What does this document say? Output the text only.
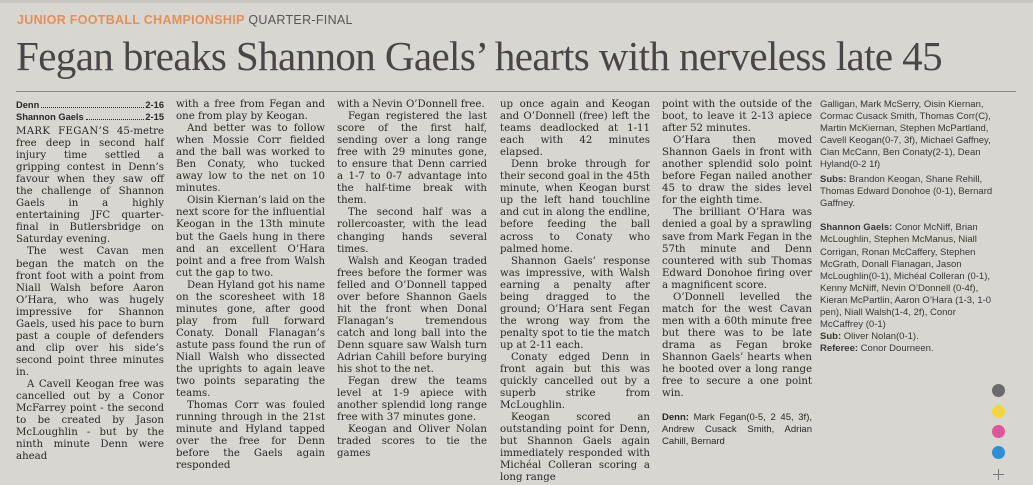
JUNIOR FOOTBALL CHAMPIONSHIP QUARTER-FINAL
Fegan breaks Shannon Gaels’ hearts with nerveless late 45
Denn	2-16
Shannon Gaels	2-15

MARK FEGAN’S 45-metre free deep in second half injury time settled a gripping contest in Denn’s favour when they saw off the challenge of Shannon Gaels in a highly entertaining JFC quarter-final in Butlersbridge on Saturday evening.

The west Cavan men began the match on the front foot with a point from Niall Walsh before Aaron O’Hara, who was hugely impressive for Shannon Gaels, used his pace to burn past a couple of defenders and clip over his side’s second point three minutes in.

A Cavell Keogan free was cancelled out by a Conor McFarrey point - the second to be created by Jason McLoughlin - but by the ninth minute Denn were ahead

with a free from Fegan and one from play by Keogan.

And better was to follow when Mossie Corr fielded and the ball was worked to Ben Conaty, who tucked away low to the net on 10 minutes.

Oisin Kiernan’s laid on the next score for the influential Keogan in the 13th minute but the Gaels hung in there and an excellent O’Hara point and a free from Walsh cut the gap to two.

Dean Hyland got his name on the scoresheet with 18 minutes gone, after good play from full forward Conaty. Donall Flanagan’s astute pass found the run of Niall Walsh who dissected the uprights to again leave two points separating the teams.

Thomas Corr was fouled running through in the 21st minute and Hyland tapped over the free for Denn before the Gaels again responded

with a Nevin O’Donnell free.

Fegan registered the last score of the first half, sending over a long range free with 29 minutes gone, to ensure that Denn carried a 1-7 to 0-7 advantage into the half-time break with them.

The second half was a rollercoaster, with the lead changing hands several times.

Walsh and Keogan traded frees before the former was felled and O’Donnell tapped over before Shannon Gaels hit the front when Donal Flanagan’s tremendous catch and long ball into the Denn square saw Walsh turn Adrian Cahill before burying his shot to the net.

Fegan drew the teams level at 1-9 apiece with another splendid long range free with 37 minutes gone.

Keogan and Oliver Nolan traded scores to tie the games

up once again and Keogan and O’Donnell (free) left the teams deadlocked at 1-11 each with 42 minutes elapsed.

Denn broke through for their second goal in the 45th minute, when Keogan burst up the left hand touchline and cut in along the endline, before feeding the ball across to Conaty who palmed home.

Shannon Gaels’ response was impressive, with Walsh earning a penalty after being dragged to the ground; O’Hara sent Fegan the wrong way from the penalty spot to tie the match up at 2-11 each.

Conaty edged Denn in front again but this was quickly cancelled out by a superb strike from McLoughlin.

Keogan scored an outstanding point for Denn, but Shannon Gaels again immediately responded with Michéal Colleran scoring a long range

point with the outside of the boot, to leave it 2-13 apiece after 52 minutes.

O’Hara then moved Shannon Gaels in front with another splendid solo point before Fegan nailed another 45 to draw the sides level for the eighth time.

The brilliant O’Hara was denied a goal by a sprawling save from Mark Fegan in the 57th minute and Denn countered with sub Thomas Edward Donohoe firing over a magnificent score.

O’Donnell levelled the match for the west Cavan men with a 60th minute free but there was to be late drama as Fegan broke Shannon Gaels’ hearts when he booted over a long range free to secure a one point win.

Denn: Mark Fegan(0-5, 2 45, 3f), Andrew Cusack Smith, Adrian Cahill, Bernard

Galligan, Mark McSerry, Oisin Kiernan, Cormac Cusack Smith, Thomas Corr(C), Martin McKiernan, Stephen McPartland, Cavell Keogan(0-7, 3f), Michael Gaffney, Cian McCann, Ben Conaty(2-1), Dean Hyland(0-2 1f)

Subs: Brandon Keogan, Shane Rehill, Thomas Edward Donohoe (0-1), Bernard Gaffney.

Shannon Gaels: Conor McNiff, Brian McLoughlin, Stephen McManus, Niall Corrigan, Ronan McCaffery, Stephen McGrath, Donall Flanagan, Jason McLoughlin(0-1), Michéal Colleran (0-1), Kenny McNiff, Nevin O’Donnell (0-4f), Kieran McPartlin, Aaron O’Hara (1-3, 1-0 pen), Niall Walsh(1-4, 2f), Conor McCaffrey (0-1)

Sub: Oliver Nolan(0-1).

Referee: Conor Dourneen.
